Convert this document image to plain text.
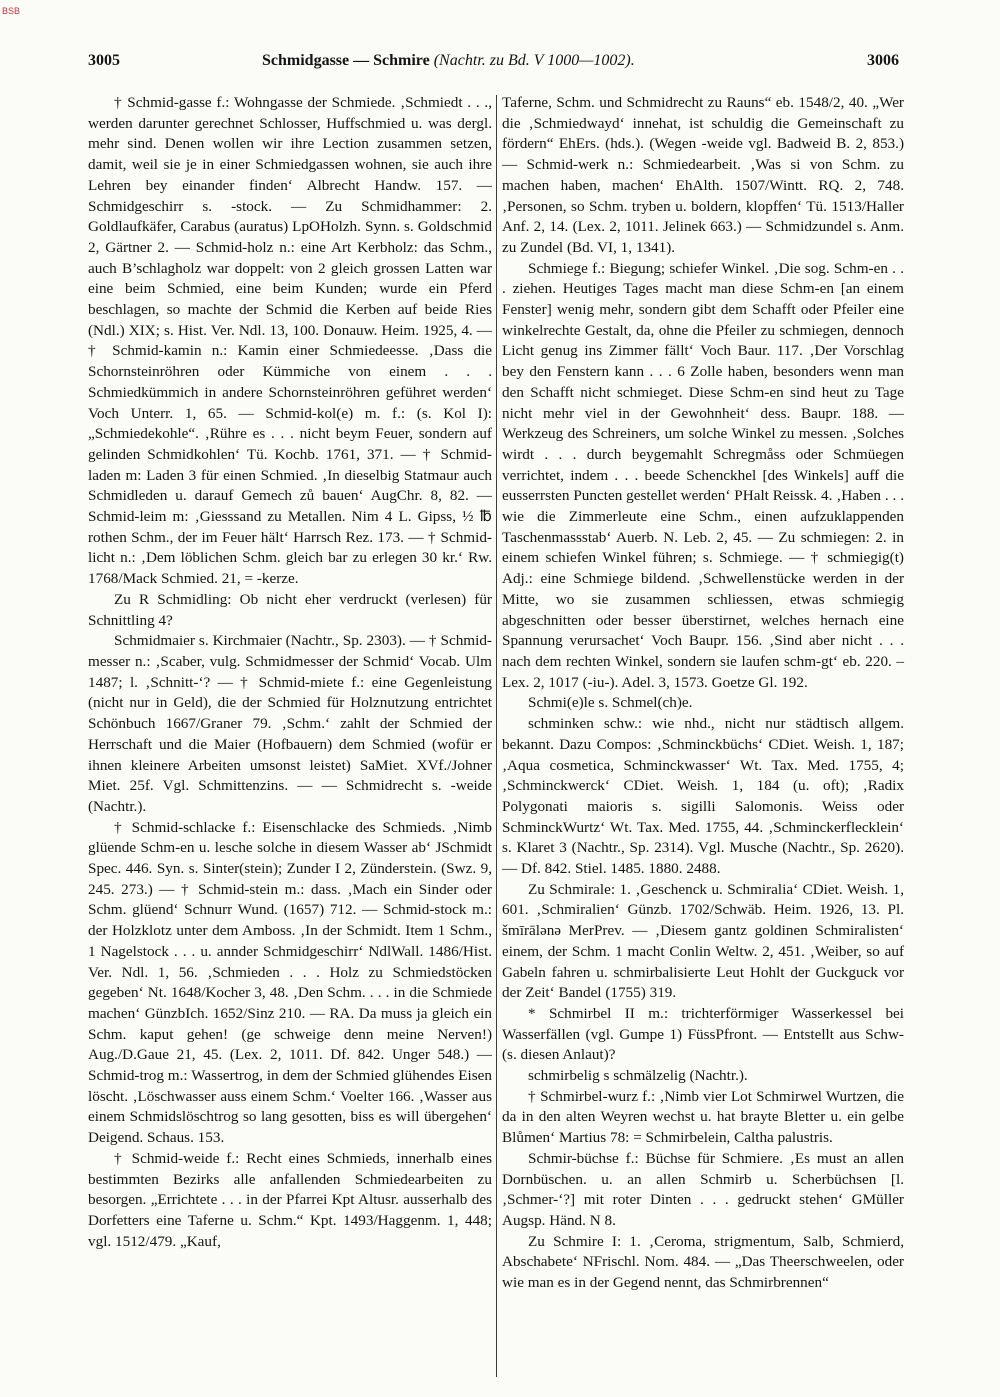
BSB
3005	Schmidgasse — Schmire (Nachtr. zu Bd. V 1000—1002).	3006

† Schmid-gasse f.: Wohngasse der Schmiede. ‚Schmiedt . . ., werden darunter gerechnet Schlosser, Huffschmied u. was dergl. mehr sind. Denen wollen wir ihre Lection zusammen setzen, damit, weil sie je in einer Schmiedgassen wohnen, sie auch ihre Lehren bey einander finden‘ Albrecht Handw. 157. — Schmidgeschirr s. -stock. — Zu Schmidhammer: 2. Goldlaufkäfer, Carabus (auratus) LpOHolzh. Synn. s. Goldschmid 2, Gärtner 2. — Schmid-holz n.: eine Art Kerbholz: das Schm., auch B’schlagholz war doppelt: von 2 gleich grossen Latten war eine beim Schmied, eine beim Kunden; wurde ein Pferd beschlagen, so machte der Schmid die Kerben auf beide Ries (Ndl.) XIX; s. Hist. Ver. Ndl. 13, 100. Donauw. Heim. 1925, 4. — † Schmid-kamin n.: Kamin einer Schmiedeesse. ‚Dass die Schornsteinröhren oder Kümmiche von einem . . . Schmiedkümmich in andere Schornsteinröhren geführet werden‘ Voch Unterr. 1, 65. — Schmid-kol(e) m. f.: (s. Kol I): „Schmiedekohle“. ‚Rühre es . . . nicht beym Feuer, sondern auf gelinden Schmidkohlen‘ Tü. Kochb. 1761, 371. — † Schmid-laden m: Laden 3 für einen Schmied. ‚In dieselbig Statmaur auch Schmidleden u. darauf Gemech zů bauen‘ AugChr. 8, 82. — Schmid-leim m: ‚Giesssand zu Metallen. Nim 4 L. Gipss, ½ ℔ rothen Schm., der im Feuer hält‘ Harrsch Rez. 173. — † Schmid-licht n.: ‚Dem löblichen Schm. gleich bar zu erlegen 30 kr.‘ Rw. 1768/Mack Schmied. 21, = -kerze.

Zu R Schmidling: Ob nicht eher verdruckt (verlesen) für Schnittling 4?

Schmidmaier s. Kirchmaier (Nachtr., Sp. 2303). — † Schmid-messer n.: ‚Scaber, vulg. Schmidmesser der Schmid‘ Vocab. Ulm 1487; l. ‚Schnitt-‘? — † Schmid-miete f.: eine Gegenleistung (nicht nur in Geld), die der Schmied für Holznutzung entrichtet Schönbuch 1667/Graner 79. ‚Schm.‘ zahlt der Schmied der Herrschaft und die Maier (Hofbauern) dem Schmied (wofür er ihnen kleinere Arbeiten umsonst leistet) SaMiet. XVf./Johner Miet. 25f. Vgl. Schmittenzins. — — Schmidrecht s. -weide (Nachtr.).

† Schmid-schlacke f.: Eisenschlacke des Schmieds. ‚Nimb glüende Schm-en u. lesche solche in diesem Wasser ab‘ JSchmidt Spec. 446. Syn. s. Sinter(stein); Zunder I 2, Zünderstein. (Swz. 9, 245. 273.) — † Schmid-stein m.: dass. ‚Mach ein Sinder oder Schm. glüend‘ Schnurr Wund. (1657) 712. — Schmid-stock m.: der Holzklotz unter dem Amboss. ‚In der Schmidt. Item 1 Schm., 1 Nagelstock . . . u. annder Schmidgeschirr‘ NdlWall. 1486/Hist. Ver. Ndl. 1, 56. ‚Schmieden . . . Holz zu Schmiedstöcken gegeben‘ Nt. 1648/Kocher 3, 48. ‚Den Schm. . . . in die Schmiede machen‘ GünzbIch. 1652/Sinz 210. — RA. Da muss ja gleich ein Schm. kaput gehen! (ge schweige denn meine Nerven!) Aug./D.Gaue 21, 45. (Lex. 2, 1011. Df. 842. Unger 548.) — Schmid-trog m.: Wassertrog, in dem der Schmied glühendes Eisen löscht. ‚Löschwasser auss einem Schm.‘ Voelter 166. ‚Wasser aus einem Schmidslöschtrog so lang gesotten, biss es will übergehen‘ Deigend. Schaus. 153.

† Schmid-weide f.: Recht eines Schmieds, innerhalb eines bestimmten Bezirks alle anfallenden Schmiedearbeiten zu besorgen. „Errichtete . . . in der Pfarrei Kpt Altusr. ausserhalb des Dorfetters eine Taferne u. Schm.“ Kpt. 1493/Haggenm. 1, 448; vgl. 1512/479. „Kauf,

Taferne, Schm. und Schmidrecht zu Rauns“ eb. 1548/2, 40. „Wer die ‚Schmiedwayd‘ innehat, ist schuldig die Gemeinschaft zu fördern“ EhErs. (hds.). (Wegen -weide vgl. Badweid B. 2, 853.) — Schmid-werk n.: Schmiedearbeit. ‚Was si von Schm. zu machen haben, machen‘ EhAlth. 1507/Wintt. RQ. 2, 748. ‚Personen, so Schm. tryben u. boldern, klopffen‘ Tü. 1513/Haller Anf. 2, 14. (Lex. 2, 1011. Jelinek 663.) — Schmidzundel s. Anm. zu Zundel (Bd. VI, 1, 1341).

Schmiege f.: Biegung; schiefer Winkel. ‚Die sog. Schm-en . . . ziehen. Heutiges Tages macht man diese Schm-en [an einem Fenster] wenig mehr, sondern gibt dem Schafft oder Pfeiler eine winkelrechte Gestalt, da, ohne die Pfeiler zu schmiegen, dennoch Licht genug ins Zimmer fällt‘ Voch Baur. 117. ‚Der Vorschlag bey den Fenstern kann . . . 6 Zolle haben, besonders wenn man den Schafft nicht schmieget. Diese Schm-en sind heut zu Tage nicht mehr viel in der Gewohnheit‘ dess. Baupr. 188. — Werkzeug des Schreiners, um solche Winkel zu messen. ‚Solches wirdt . . . durch beygemahlt Schregmåss oder Schmüegen verrichtet, indem . . . beede Schenckhel [des Winkels] auff die eusserrsten Puncten gestellet werden‘ PHalt Reissk. 4. ‚Haben . . . wie die Zimmerleute eine Schm., einen aufzuklappenden Taschenmassstab‘ Auerb. N. Leb. 2, 45. — Zu schmiegen: 2. in einem schiefen Winkel führen; s. Schmiege. — † schmiegig(t) Adj.: eine Schmiege bildend. ‚Schwellenstücke werden in der Mitte, wo sie zusammen schliessen, etwas schmiegig abgeschnitten oder besser überstirnet, welches hernach eine Spannung verursachet‘ Voch Baupr. 156. ‚Sind aber nicht . . . nach dem rechten Winkel, sondern sie laufen schm-gt‘ eb. 220. – Lex. 2, 1017 (-iu-). Adel. 3, 1573. Goetze Gl. 192.

Schmi(e)le s. Schmel(ch)e.

schminken schw.: wie nhd., nicht nur städtisch allgem. bekannt. Dazu Compos: ‚Schminckbüchs‘ CDiet. Weish. 1, 187; ‚Aqua cosmetica, Schminckwasser‘ Wt. Tax. Med. 1755, 4; ‚Schminckwerck‘ CDiet. Weish. 1, 184 (u. oft); ‚Radix Polygonati maioris s. sigilli Salomonis. Weiss oder SchminckWurtz‘ Wt. Tax. Med. 1755, 44. ‚Schminckerflecklein‘ s. Klaret 3 (Nachtr., Sp. 2314). Vgl. Musche (Nachtr., Sp. 2620). — Df. 842. Stiel. 1485. 1880. 2488.

Zu Schmirale: 1. ‚Geschenck u. Schmiralia‘ CDiet. Weish. 1, 601. ‚Schmiralien‘ Günzb. 1702/Schwäb. Heim. 1926, 13. Pl. šmīrālənə MerPrev. — ‚Diesem gantz goldinen Schmiralisten‘ einem, der Schm. 1 macht Conlin Weltw. 2, 451. ‚Weiber, so auf Gabeln fahren u. schmirbalisierte Leut Hohlt der Guckguck vor der Zeit‘ Bandel (1755) 319.

* Schmirbel II m.: trichterförmiger Wasserkessel bei Wasserfällen (vgl. Gumpe 1) FüssPfront. — Entstellt aus Schw- (s. diesen Anlaut)?

schmirbelig s schmälzelig (Nachtr.).

† Schmirbel-wurz f.: ‚Nimb vier Lot Schmirwel Wurtzen, die da in den alten Weyren wechst u. hat brayte Bletter u. ein gelbe Blůmen‘ Martius 78: = Schmirbelein, Caltha palustris.

Schmir-büchse f.: Büchse für Schmiere. ‚Es must an allen Dornbüschen. u. an allen Schmirb u. Scherbüchsen [l. ‚Schmer-‘?] mit roter Dinten . . . gedruckt stehen‘ GMüller Augsp. Händ. N 8.

Zu Schmire I: 1. ‚Ceroma, strigmentum, Salb, Schmierd, Abschabete‘ NFrischl. Nom. 484. — „Das Theerschweelen, oder wie man es in der Gegend nennt, das Schmirbrennen“
